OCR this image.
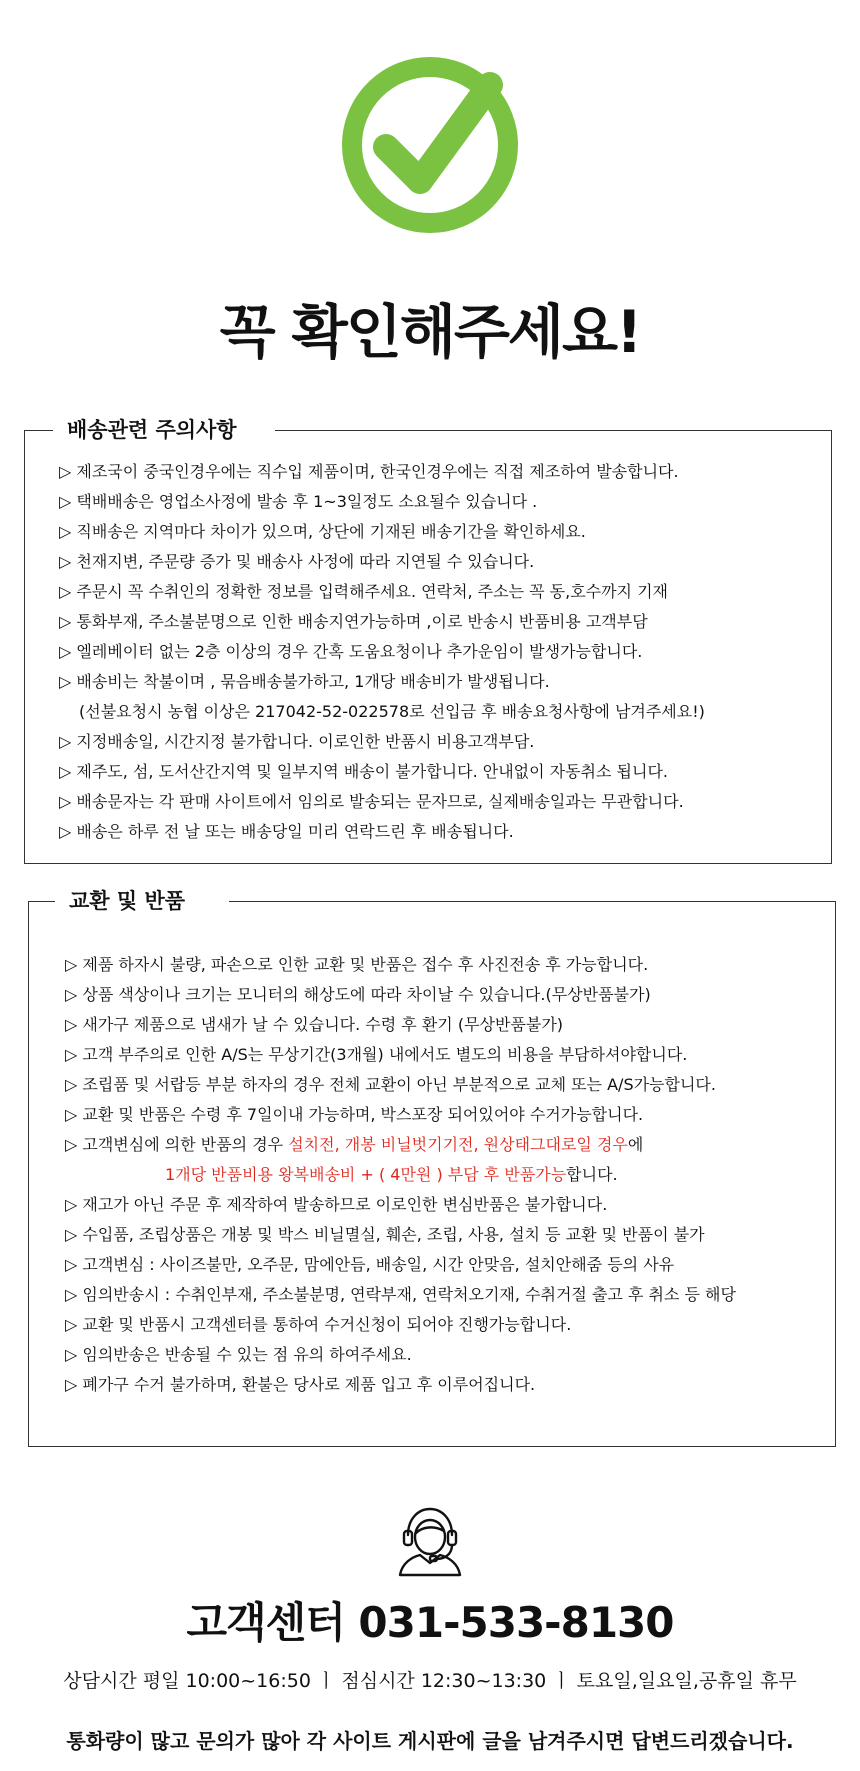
꼭 확인해주세요!
배송관련 주의사항
▷ 제조국이 중국인경우에는 직수입 제품이며, 한국인경우에는 직접 제조하여 발송합니다.
▷ 택배배송은 영업소사정에 발송 후 1~3일정도 소요될수 있습니다 .
▷ 직배송은 지역마다 차이가 있으며, 상단에 기재된 배송기간을 확인하세요.
▷ 천재지변, 주문량 증가 및 배송사 사정에 따라 지연될 수 있습니다.
▷ 주문시 꼭 수취인의 정확한 정보를 입력해주세요. 연락처, 주소는 꼭 동,호수까지 기재
▷ 통화부재, 주소불분명으로 인한 배송지연가능하며 ,이로 반송시 반품비용 고객부담
▷ 엘레베이터 없는 2층 이상의 경우 간혹 도움요청이나 추가운임이 발생가능합니다.
▷ 배송비는 착불이며 , 묶음배송불가하고, 1개당 배송비가 발생됩니다.
(선불요청시 농협 이상은 217042-52-022578로 선입금 후 배송요청사항에 남겨주세요!)
▷ 지정배송일, 시간지정 불가합니다. 이로인한 반품시 비용고객부담.
▷ 제주도, 섬, 도서산간지역 및 일부지역 배송이 불가합니다. 안내없이 자동취소 됩니다.
▷ 배송문자는 각 판매 사이트에서 임의로 발송되는 문자므로, 실제배송일과는 무관합니다.
▷ 배송은 하루 전 날 또는 배송당일 미리 연락드린 후 배송됩니다.
교환 및 반품
▷ 제품 하자시 불량, 파손으로 인한 교환 및 반품은 접수 후 사진전송 후 가능합니다.
▷ 상품 색상이나 크기는 모니터의 해상도에 따라 차이날 수 있습니다.(무상반품불가)
▷ 새가구 제품으로 냄새가 날 수 있습니다. 수령 후 환기 (무상반품불가)
▷ 고객 부주의로 인한 A/S는 무상기간(3개월) 내에서도 별도의 비용을 부담하셔야합니다.
▷ 조립품 및 서랍등 부분 하자의 경우 전체 교환이 아닌 부분적으로 교체 또는 A/S가능합니다.
▷ 교환 및 반품은 수령 후 7일이내 가능하며, 박스포장 되어있어야 수거가능합니다.
▷ 고객변심에 의한 반품의 경우 설치전, 개봉 비닐벗기기전, 원상태그대로일 경우에
1개당 반품비용 왕복배송비 + ( 4만원 ) 부담 후 반품가능합니다.
▷ 재고가 아닌 주문 후 제작하여 발송하므로 이로인한 변심반품은 불가합니다.
▷ 수입품, 조립상품은 개봉 및 박스 비닐멸실, 훼손, 조립, 사용, 설치 등 교환 및 반품이 불가
▷ 고객변심 : 사이즈불만, 오주문, 맘에안듬, 배송일, 시간 안맞음, 설치안해줌 등의 사유
▷ 임의반송시 : 수취인부재, 주소불분명, 연락부재, 연락처오기재, 수취거절 출고 후 취소 등 해당
▷ 교환 및 반품시 고객센터를 통하여 수거신청이 되어야 진행가능합니다.
▷ 임의반송은 반송될 수 있는 점 유의 하여주세요.
▷ 폐가구 수거 불가하며, 환불은 당사로 제품 입고 후 이루어집니다.
고객센터 031-533-8130
상담시간 평일 10:00~16:50 ㅣ 점심시간 12:30~13:30 ㅣ 토요일,일요일,공휴일 휴무
통화량이 많고 문의가 많아 각 사이트 게시판에 글을 남겨주시면 답변드리겠습니다.
